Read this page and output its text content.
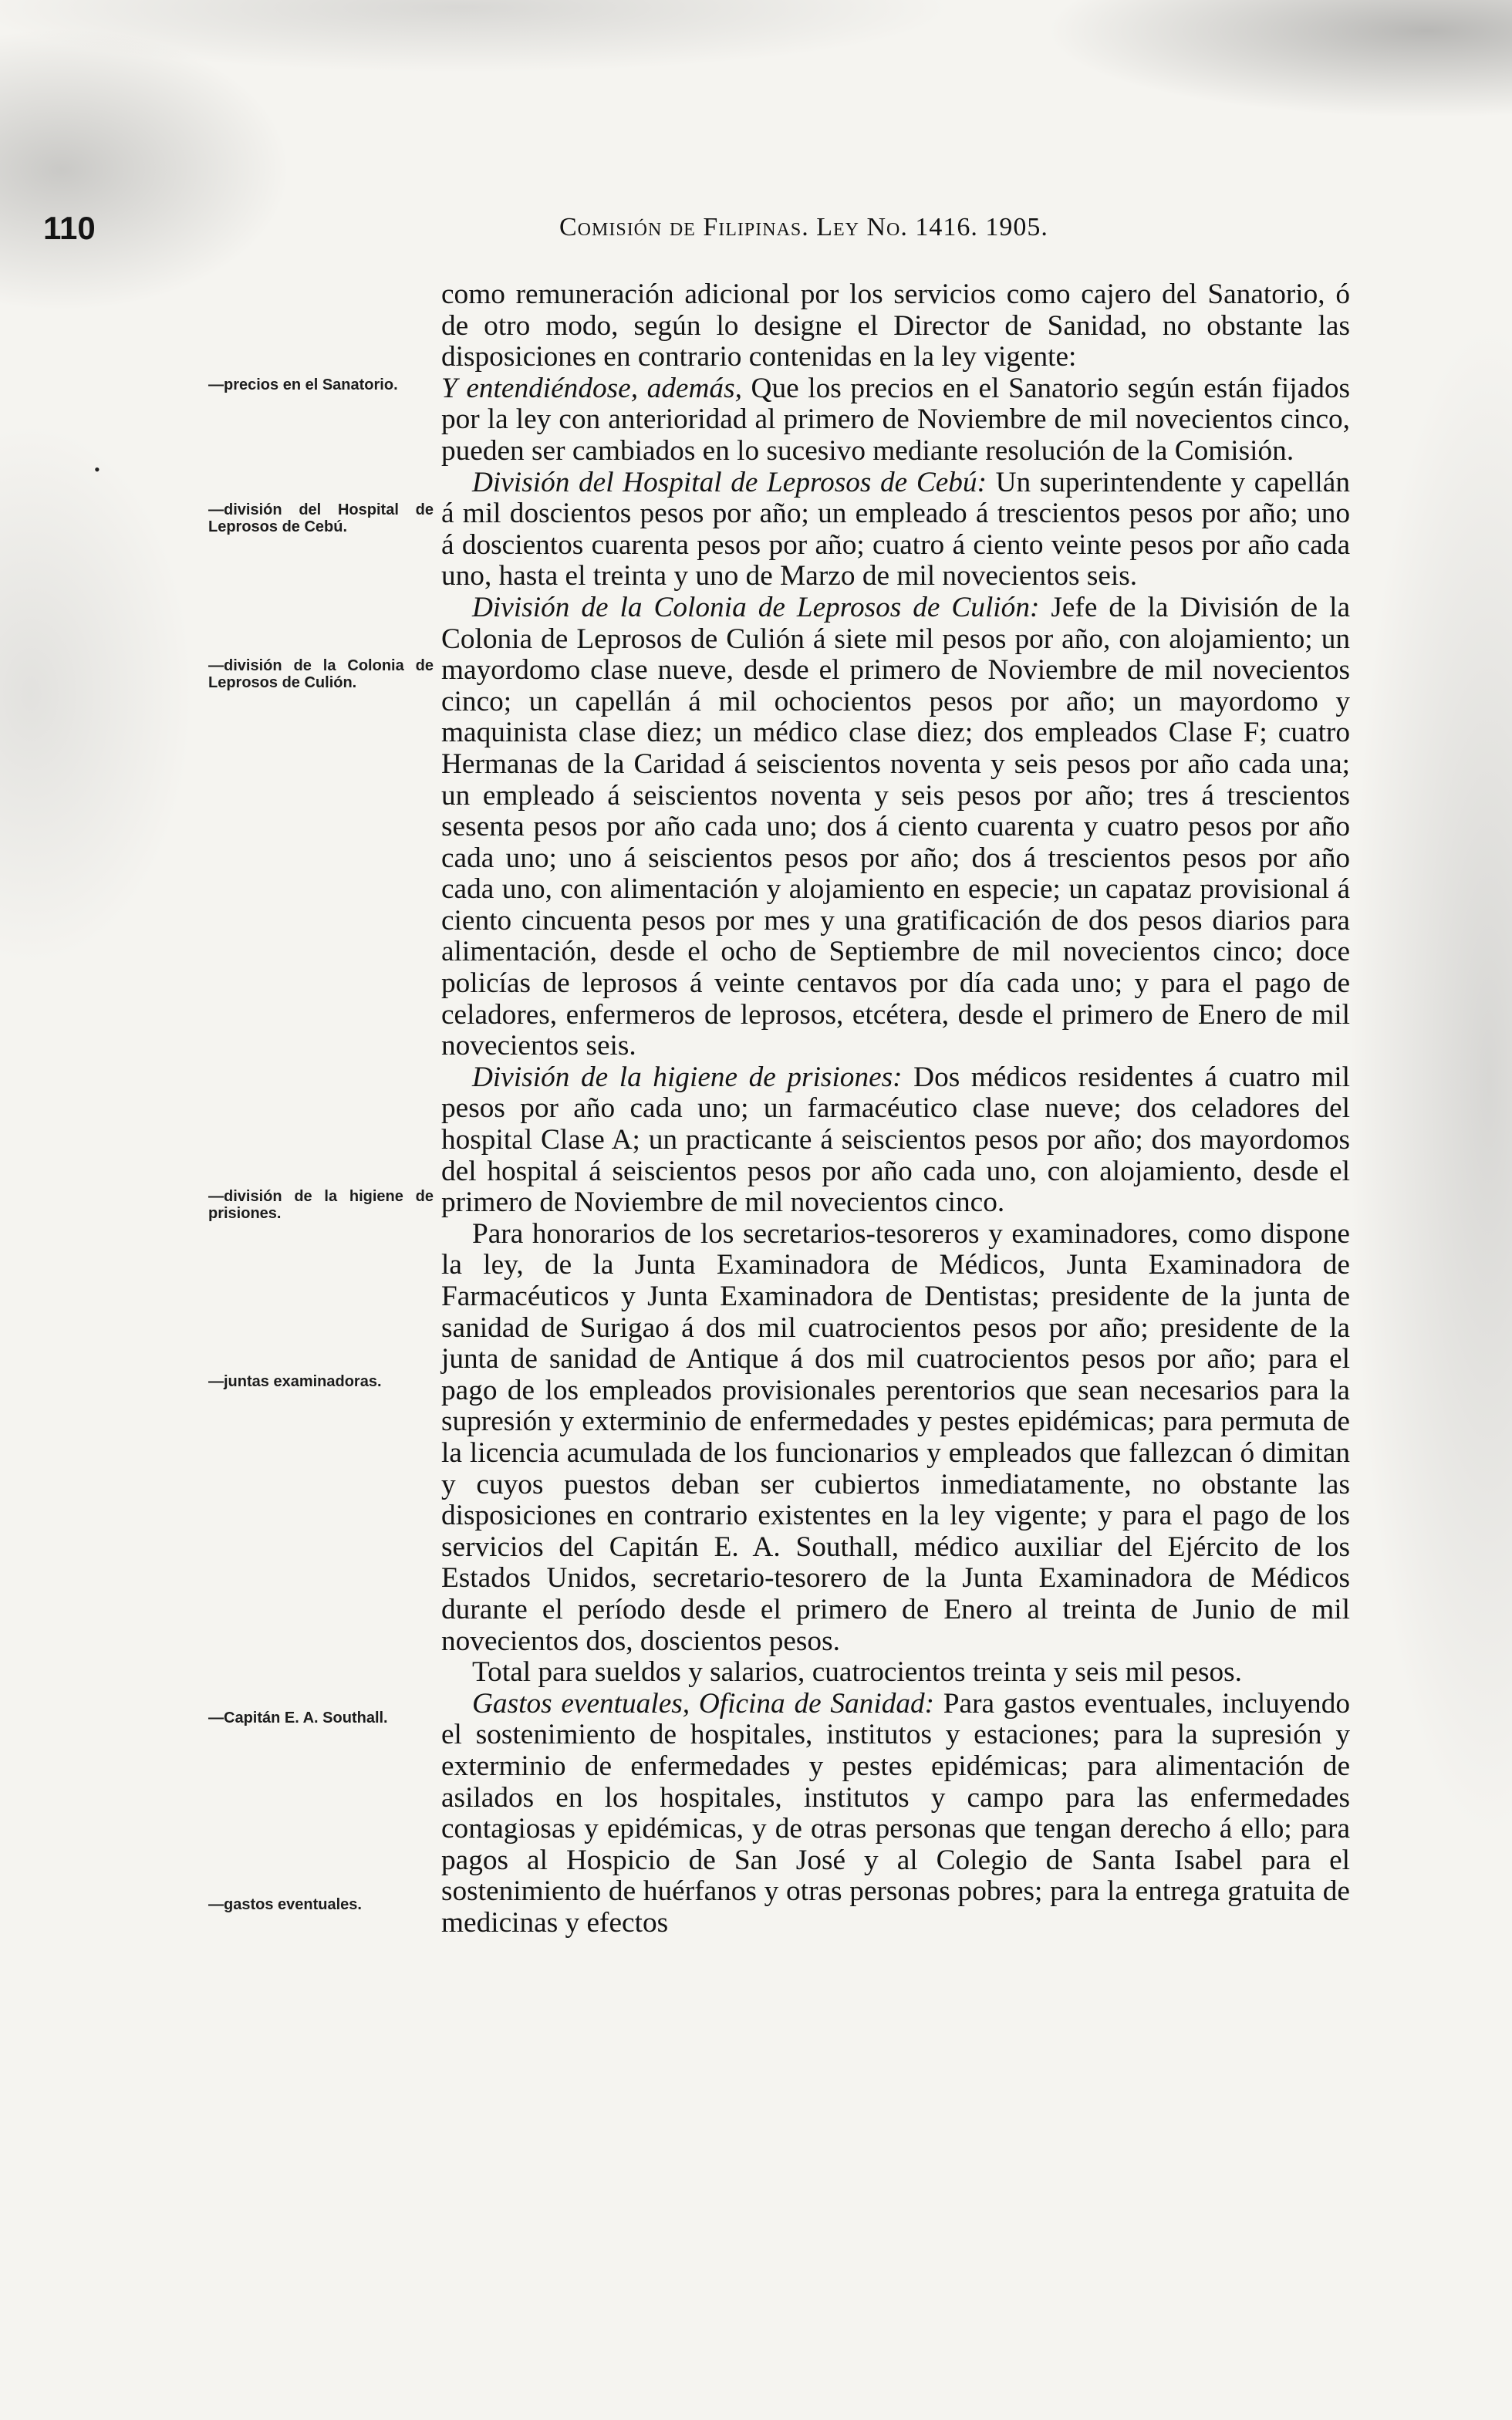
110	Comisión de Filipinas. Ley No. 1416. 1905.
•
—precios en el Sanatorio.
—división del Hospital de Leprosos de Cebú.
—división de la Colonia de Leprosos de Culión.
—división de la higiene de prisiones.
—juntas examinadoras.
—Capitán E. A. Southall.
—gastos eventuales.

como remuneración adicional por los servicios como cajero del Sanatorio, ó de otro modo, según lo designe el Director de Sanidad, no obstante las disposiciones en contrario contenidas en la ley vigente:

Y entendiéndose, además, Que los precios en el Sanatorio según están fijados por la ley con anterioridad al primero de Noviembre de mil novecientos cinco, pueden ser cambiados en lo sucesivo mediante resolución de la Comisión.

División del Hospital de Leprosos de Cebú: Un superintendente y capellán á mil doscientos pesos por año; un empleado á trescientos pesos por año; uno á doscientos cuarenta pesos por año; cuatro á ciento veinte pesos por año cada uno, hasta el treinta y uno de Marzo de mil novecientos seis.

División de la Colonia de Leprosos de Culión: Jefe de la División de la Colonia de Leprosos de Culión á siete mil pesos por año, con alojamiento; un mayordomo clase nueve, desde el primero de Noviembre de mil novecientos cinco; un capellán á mil ochocientos pesos por año; un mayordomo y maquinista clase diez; un médico clase diez; dos empleados Clase F; cuatro Hermanas de la Caridad á seiscientos noventa y seis pesos por año cada una; un empleado á seiscientos noventa y seis pesos por año; tres á trescientos sesenta pesos por año cada uno; dos á ciento cuarenta y cuatro pesos por año cada uno; uno á seiscientos pesos por año; dos á trescientos pesos por año cada uno, con alimentación y alojamiento en especie; un capataz provisional á ciento cincuenta pesos por mes y una gratificación de dos pesos diarios para alimentación, desde el ocho de Septiembre de mil novecientos cinco; doce policías de leprosos á veinte centavos por día cada uno; y para el pago de celadores, enfermeros de leprosos, etcétera, desde el primero de Enero de mil novecientos seis.

División de la higiene de prisiones: Dos médicos residentes á cuatro mil pesos por año cada uno; un farmacéutico clase nueve; dos celadores del hospital Clase A; un practicante á seiscientos pesos por año; dos mayordomos del hospital á seiscientos pesos por año cada uno, con alojamiento, desde el primero de Noviembre de mil novecientos cinco.

Para honorarios de los secretarios-tesoreros y examinadores, como dispone la ley, de la Junta Examinadora de Médicos, Junta Examinadora de Farmacéuticos y Junta Examinadora de Dentistas; presidente de la junta de sanidad de Surigao á dos mil cuatrocientos pesos por año; presidente de la junta de sanidad de Antique á dos mil cuatrocientos pesos por año; para el pago de los empleados provisionales perentorios que sean necesarios para la supresión y exterminio de enfermedades y pestes epidémicas; para permuta de la licencia acumulada de los funcionarios y empleados que fallezcan ó dimitan y cuyos puestos deban ser cubiertos inmediatamente, no obstante las disposiciones en contrario existentes en la ley vigente; y para el pago de los servicios del Capitán E. A. Southall, médico auxiliar del Ejército de los Estados Unidos, secretario-tesorero de la Junta Examinadora de Médicos durante el período desde el primero de Enero al treinta de Junio de mil novecientos dos, doscientos pesos.

Total para sueldos y salarios, cuatrocientos treinta y seis mil pesos.

Gastos eventuales, Oficina de Sanidad: Para gastos eventuales, incluyendo el sostenimiento de hospitales, institutos y estaciones; para la supresión y exterminio de enfermedades y pestes epidémicas; para alimentación de asilados en los hospitales, institutos y campo para las enfermedades contagiosas y epidémicas, y de otras personas que tengan derecho á ello; para pagos al Hospicio de San José y al Colegio de Santa Isabel para el sostenimiento de huérfanos y otras personas pobres; para la entrega gratuita de medicinas y efectos
